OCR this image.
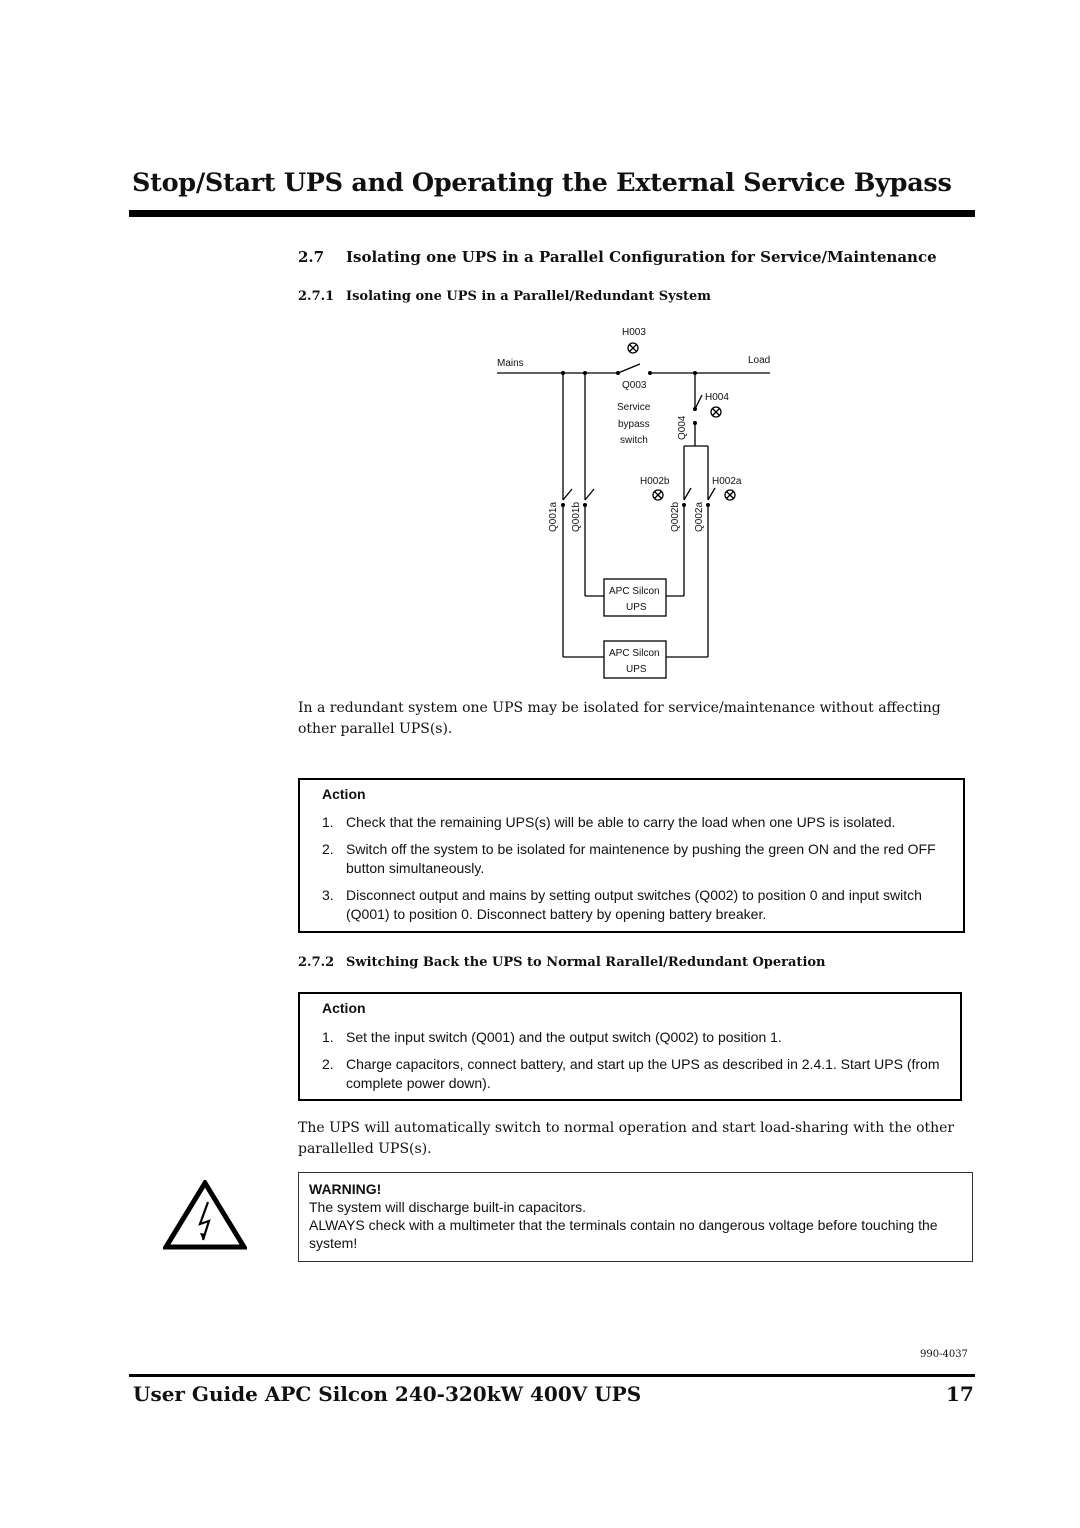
Stop/Start UPS and Operating the External Service Bypass
2.7 Isolating one UPS in a Parallel Configuration for Service/Maintenance
2.7.1 Isolating one UPS in a Parallel/Redundant System
Mains	Load
H003
Q003
H004
Service
bypass
switch
Q004
H002b	H002a
Q001a Q001b	Q002b Q002a
APC Silcon
UPS
APC Silcon
UPS
In a redundant system one UPS may be isolated for service/maintenance without affecting other parallel UPS(s).
Action
1. Check that the remaining UPS(s) will be able to carry the load when one UPS is isolated.
2. Switch off the system to be isolated for maintenence by pushing the green ON and the red OFF button simultaneously.
3. Disconnect output and mains by setting output switches (Q002) to position 0 and input switch (Q001) to position 0. Disconnect battery by opening battery breaker.
2.7.2 Switching Back the UPS to Normal Rarallel/Redundant Operation
Action
1. Set the input switch (Q001) and the output switch (Q002) to position 1.
2. Charge capacitors, connect battery, and start up the UPS as described in 2.4.1. Start UPS (from complete power down).
The UPS will automatically switch to normal operation and start load-sharing with the other parallelled UPS(s).
WARNING!
The system will discharge built-in capacitors.
ALWAYS check with a multimeter that the terminals contain no dangerous voltage before touching the system!
990-4037
User Guide APC Silcon 240-320kW 400V UPS	17
